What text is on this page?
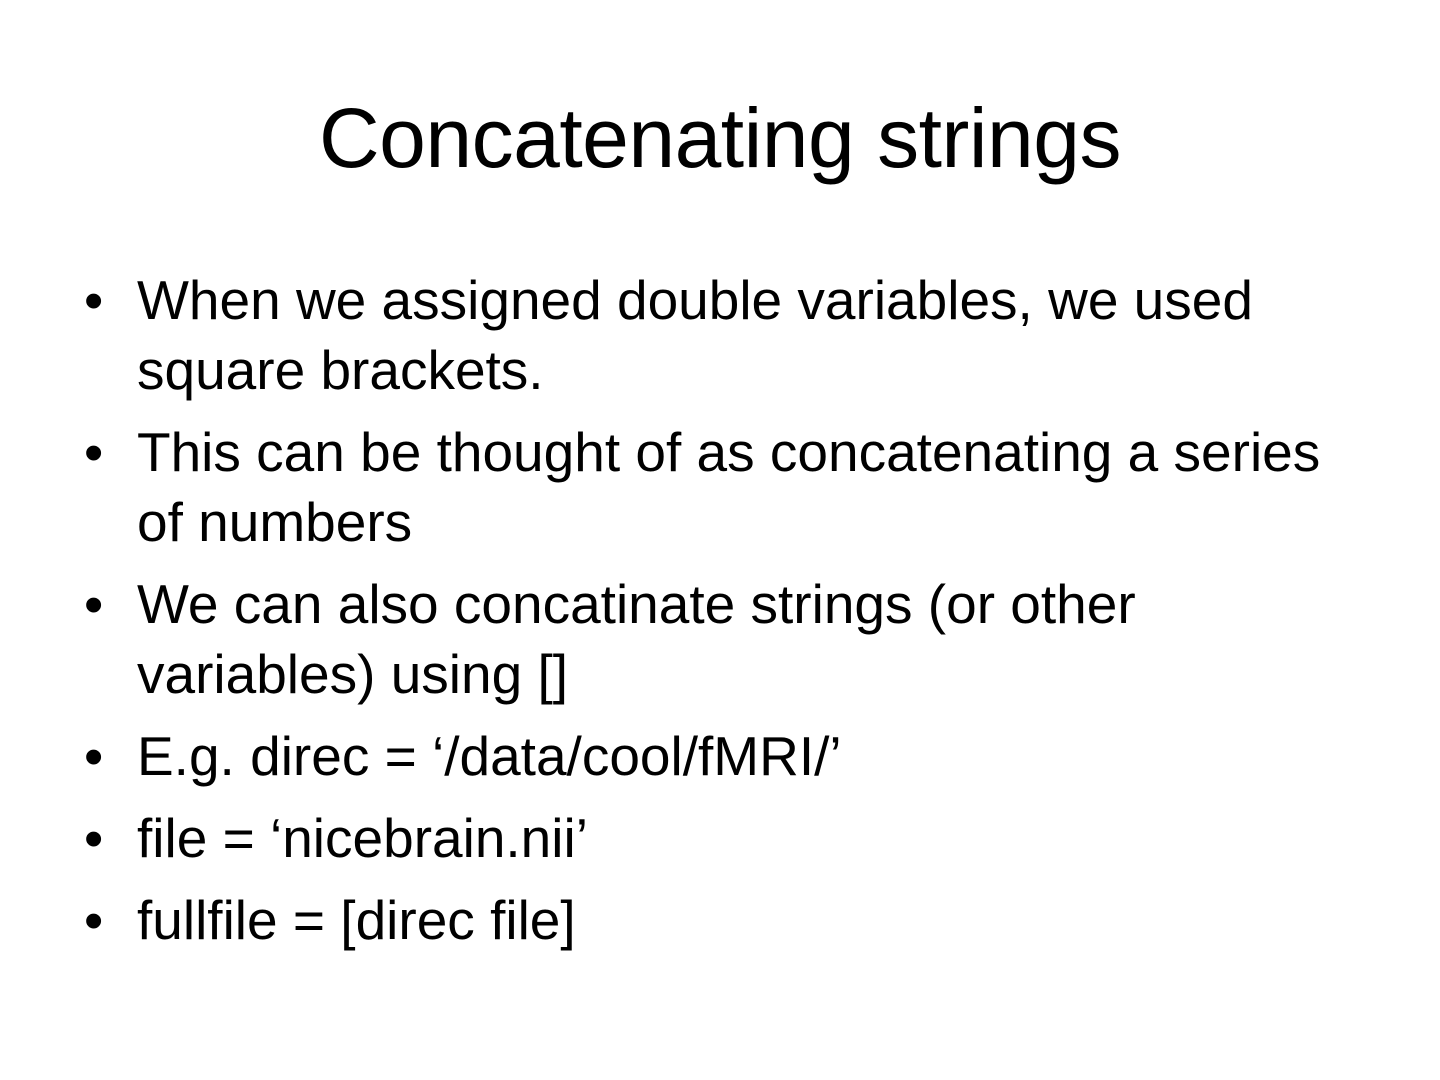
Concatenating strings
• When we assigned double variables, we used square brackets.
• This can be thought of as concatenating a series of numbers
• We can also concatinate strings (or other variables) using []
• E.g. direc = ‘/data/cool/fMRI/’
• file = ‘nicebrain.nii’
• fullfile = [direc file]
